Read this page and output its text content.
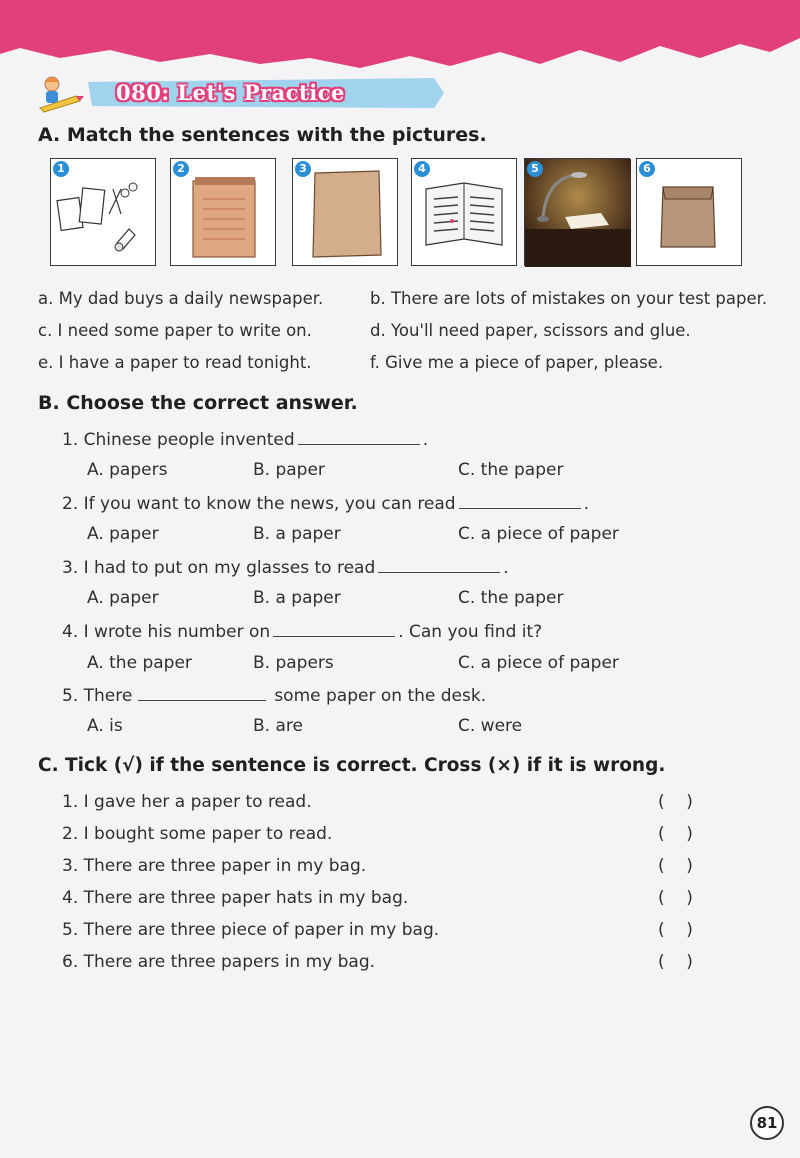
080: Let's Practice
A. Match the sentences with the pictures.
1	2	3	4	5	6
a. My dad buys a daily newspaper.	b. There are lots of mistakes on your test paper.
c. I need some paper to write on.	d. You'll need paper, scissors and glue.
e. I have a paper to read tonight.	f. Give me a piece of paper, please.
B. Choose the correct answer.
1. Chinese people invented	.
A. papers	B. paper	C. the paper
2. If you want to know the news, you can read	.
A. paper	B. a paper	C. a piece of paper
3. I had to put on my glasses to read	.
A. paper	B. a paper	C. the paper
4. I wrote his number on	. Can you find it?
A. the paper	B. papers	C. a piece of paper
5. There	some paper on the desk.
A. is	B. are	C. were
C. Tick (√) if the sentence is correct. Cross (×) if it is wrong.
1. I gave her a paper to read.	(    )
2. I bought some paper to read.	(    )
3. There are three paper in my bag.	(    )
4. There are three paper hats in my bag.	(    )
5. There are three piece of paper in my bag.	(    )
6. There are three papers in my bag.	(    )
81
